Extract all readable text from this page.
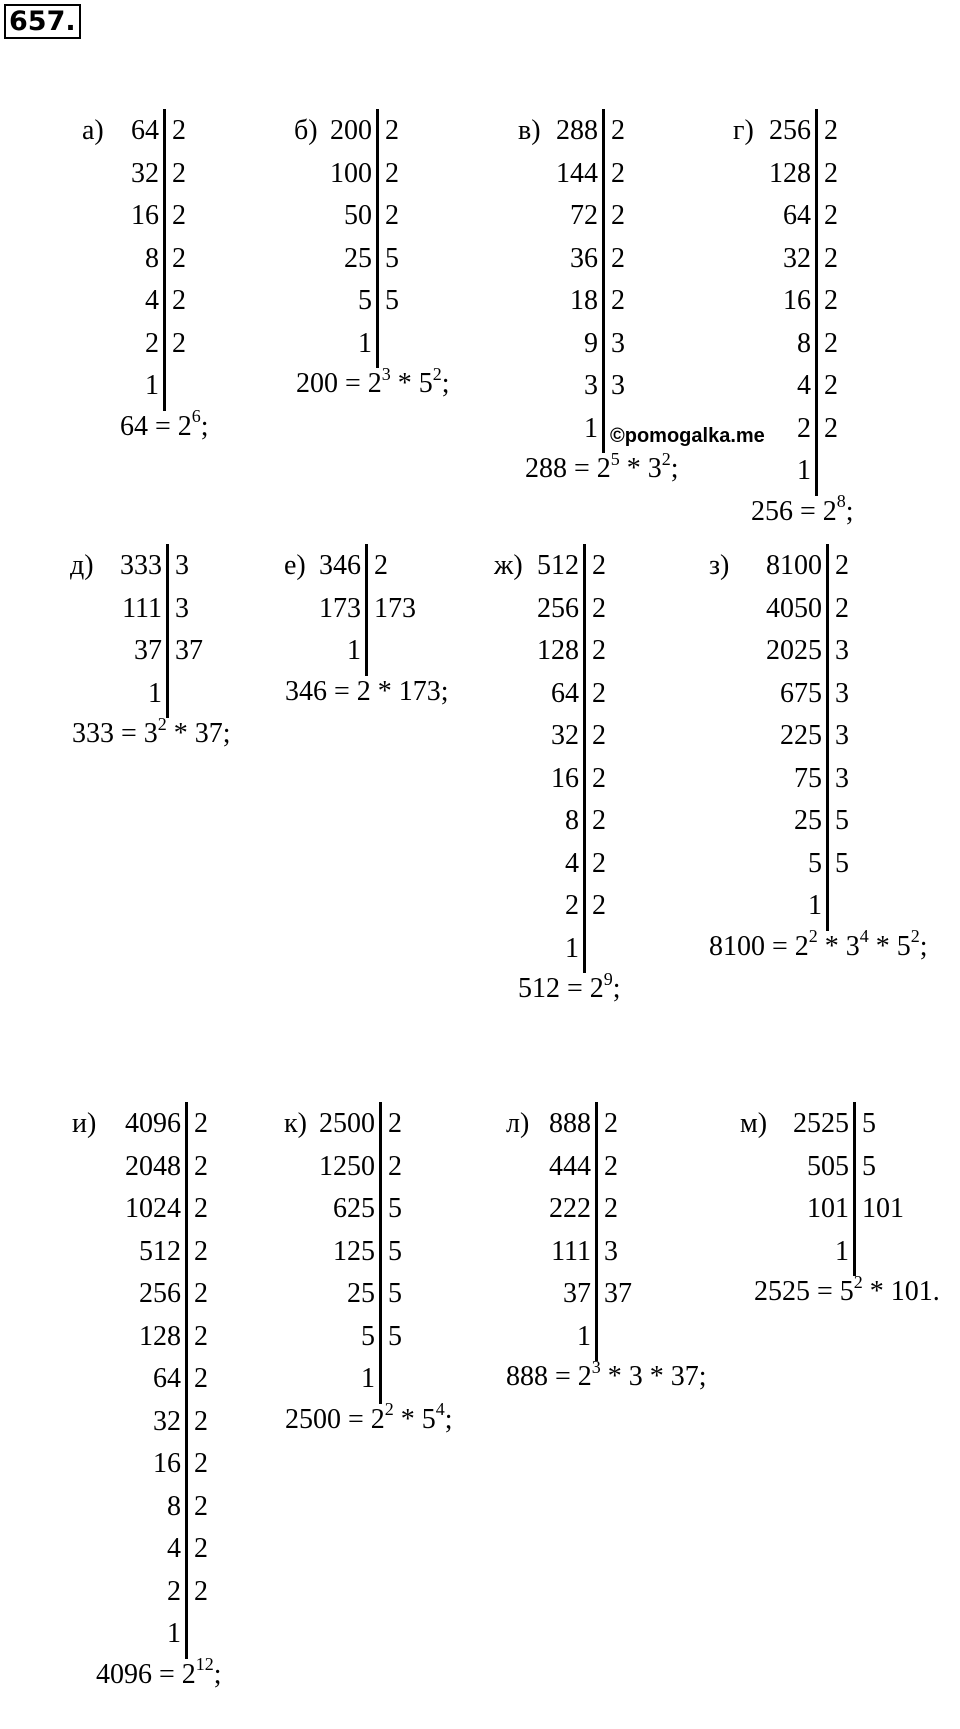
657.
©pomogalka.me
а) 64 2
32 2
16 2
8 2
4 2
2 2
1
$64 = 2^6$;
б) 200 2
100 2
50 2
25 5
5 5
1
$200 = 2^3 * 5^2$;
в) 288 2
144 2
72 2
36 2
18 2
9 3
3 3
1
$288 = 2^5 * 3^2$;
г) 256 2
128 2
64 2
32 2
16 2
8 2
4 2
2 2
1
$256 = 2^8$;
д) 333 3
111 3
37 37
1
$333 = 3^2 * 37$;
е) 346 2
173 173
1
346 = 2 * 173;
ж) 512 2
256 2
128 2
64 2
32 2
16 2
8 2
4 2
2 2
1
$512 = 2^9$;
з) 8100 2
4050 2
2025 3
675 3
225 3
75 3
25 5
5 5
1
$8100 = 2^2 * 3^4 * 5^2$;
и) 4096 2
2048 2
1024 2
512 2
256 2
128 2
64 2
32 2
16 2
8 2
4 2
2 2
1
$4096 = 2^{12}$;
к) 2500 2
1250 2
625 5
125 5
25 5
5 5
1
$2500 = 2^2 * 5^4$;
л) 888 2
444 2
222 2
111 3
37 37
1
$888 = 2^3 * 3 * 37$;
м) 2525 5
505 5
101 101
1
$2525 = 5^2 * 101$.
